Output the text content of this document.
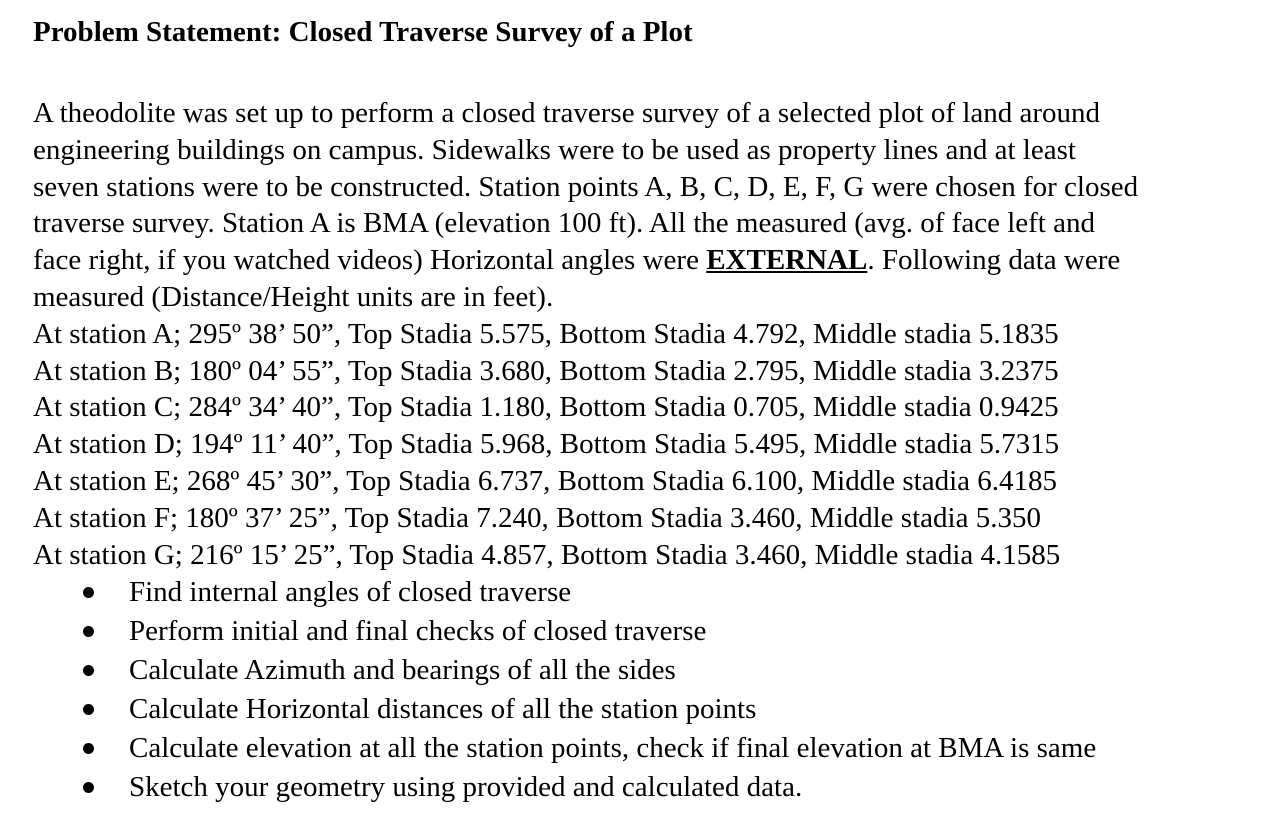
Problem Statement: Closed Traverse Survey of a Plot
A theodolite was set up to perform a closed traverse survey of a selected plot of land around
engineering buildings on campus. Sidewalks were to be used as property lines and at least
seven stations were to be constructed. Station points A, B, C, D, E, F, G were chosen for closed
traverse survey. Station A is BMA (elevation 100 ft). All the measured (avg. of face left and
face right, if you watched videos) Horizontal angles were EXTERNAL. Following data were
measured (Distance/Height units are in feet).
At station A; 295º 38’ 50”, Top Stadia 5.575, Bottom Stadia 4.792, Middle stadia 5.1835
At station B; 180º 04’ 55”, Top Stadia 3.680, Bottom Stadia 2.795, Middle stadia 3.2375
At station C; 284º 34’ 40”, Top Stadia 1.180, Bottom Stadia 0.705, Middle stadia 0.9425
At station D; 194º 11’ 40”, Top Stadia 5.968, Bottom Stadia 5.495, Middle stadia 5.7315
At station E; 268º 45’ 30”, Top Stadia 6.737, Bottom Stadia 6.100, Middle stadia 6.4185
At station F; 180º 37’ 25”, Top Stadia 7.240, Bottom Stadia 3.460, Middle stadia 5.350
At station G; 216º 15’ 25”, Top Stadia 4.857, Bottom Stadia 3.460, Middle stadia 4.1585
Find internal angles of closed traverse
Perform initial and final checks of closed traverse
Calculate Azimuth and bearings of all the sides
Calculate Horizontal distances of all the station points
Calculate elevation at all the station points, check if final elevation at BMA is same
Sketch your geometry using provided and calculated data.
